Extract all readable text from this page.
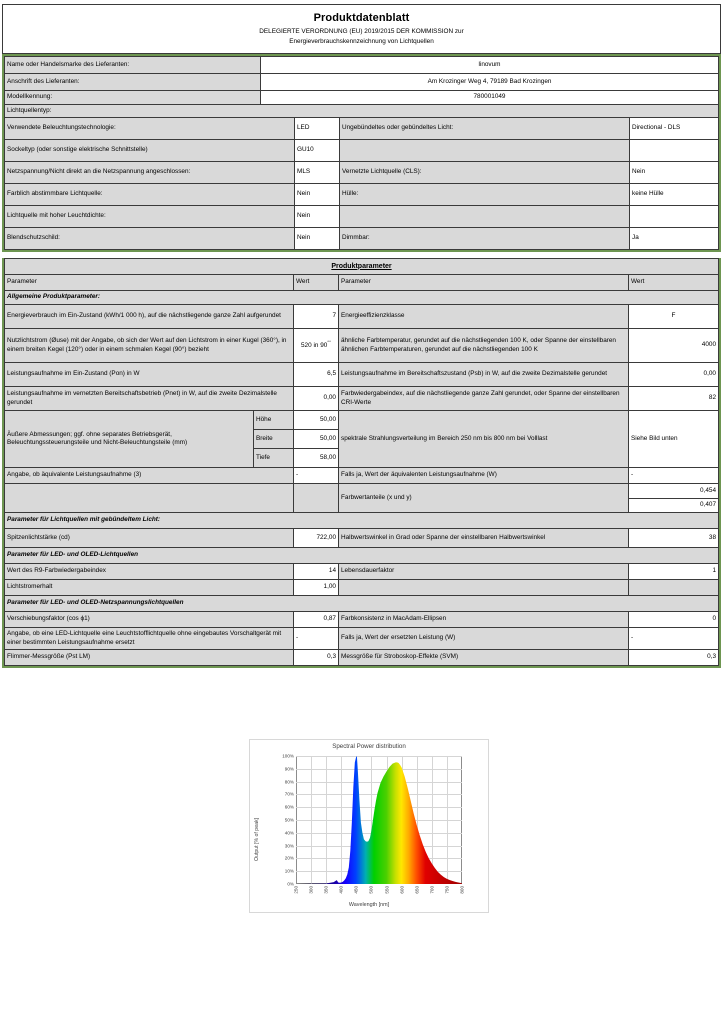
Produktdatenblatt
DELEGIERTE VERORDNUNG (EU) 2019/2015 DER KOMMISSION zur
Energieverbrauchskennzeichnung von Lichtquellen
Name oder Handelsmarke des Lieferanten:	linovum
Anschrift des Lieferanten:	Am Krozinger Weg 4, 79189 Bad Krozingen
Modellkennung:	780001049
Lichtquellentyp:			
Verwendete Beleuchtungstechnologie:	LED	Ungebündeltes oder gebündeltes Licht:	Directional - DLS
Sockeltyp (oder sonstige elektrische Schnittstelle)	GU10		
Netzspannung/Nicht direkt an die Netzspannung angeschlossen:	MLS	Vernetzte Lichtquelle (CLS):	Nein
Farblich abstimmbare Lichtquelle:	Nein	Hülle:	keine Hülle
Lichtquelle mit hoher Leuchtdichte:	Nein		
Blendschutzschild:	Nein	Dimmbar:	Ja
Produktparameter				
Parameter		Wert	Parameter	Wert
Allgemeine Produktparameter:				
Energieverbrauch im Ein-Zustand (kWh/1 000 h), auf die nächstliegende ganze Zahl aufgerundet		7	Energieeffizienzklasse	F
Nutzlichtstrom (Øuse) mit der Angabe, ob sich der Wert auf den Lichtstrom in einer Kugel (360°), in einem breiten Kegel (120°) oder in einem schmalen Kegel (90°) bezieht		520 in 90°°	ähnliche Farbtemperatur, gerundet auf die nächstliegenden 100 K, oder Spanne der einstellbaren ähnlichen Farbtemperaturen, gerundet auf die nächstliegenden 100 K	4000
Leistungsaufnahme im Ein-Zustand (Pon) in W		6,5	Leistungsaufnahme im Bereitschaftszustand (Psb) in W, auf die zweite Dezimalstelle gerundet	0,00
Leistungsaufnahme im vernetzten Bereitschaftsbetrieb (Pnet) in W, auf die zweite Dezimalstelle gerundet		0,00	Farbwiedergabeindex, auf die nächstliegende ganze Zahl gerundet, oder Spanne der einstellbaren CRI-Werte	82
Äußere Abmessungen; ggf. ohne separates Betriebsgerät, Beleuchtungssteuerungsteile und Nicht-Beleuchtungsteile (mm)	Höhe	50,00	spektrale Strahlungsverteilung im Bereich 250 nm bis 800 nm bei Volllast	Siehe Bild unten
	Breite	50,00		
	Tiefe	58,00		
Angabe, ob äquivalente Leistungsaufnahme (3)		-	Falls ja, Wert der äquivalenten Leistungsaufnahme (W)	-
			Farbwertanteile (x und y)	0,454
				0,407
Parameter für Lichtquellen mit gebündeltem Licht:				
Spitzenlichtstärke (cd)		722,00	Halbwertswinkel in Grad oder Spanne der einstellbaren Halbwertswinkel	38
Parameter für LED- und OLED-Lichtquellen				
Wert des R9-Farbwiedergabeindex		14	Lebensdauerfaktor	1
Lichtstromerhalt		1,00		
Parameter für LED- und OLED-Netzspannungslichtquellen				
Verschiebungsfaktor (cos ϕ1)		0,87	Farbkonsistenz in MacAdam-Ellipsen	0
Angabe, ob eine LED-Lichtquelle eine Leuchtstofflichtquelle ohne eingebautes Vorschaltgerät mit einer bestimmten Leistungsaufnahme ersetzt		-	Falls ja, Wert der ersetzten Leistung (W)	-
Flimmer-Messgröße (Pst LM)		0,3	Messgröße für Stroboskop-Effekte (SVM)	0,3
Spectral Power distribution
Output [% of peak]
0%
10%
20%
30%
40%
50%
60%
70%
80%
90%
100%
250 300 350 400 450 500 550 600 650 700 750 800
Wavelength [nm]
